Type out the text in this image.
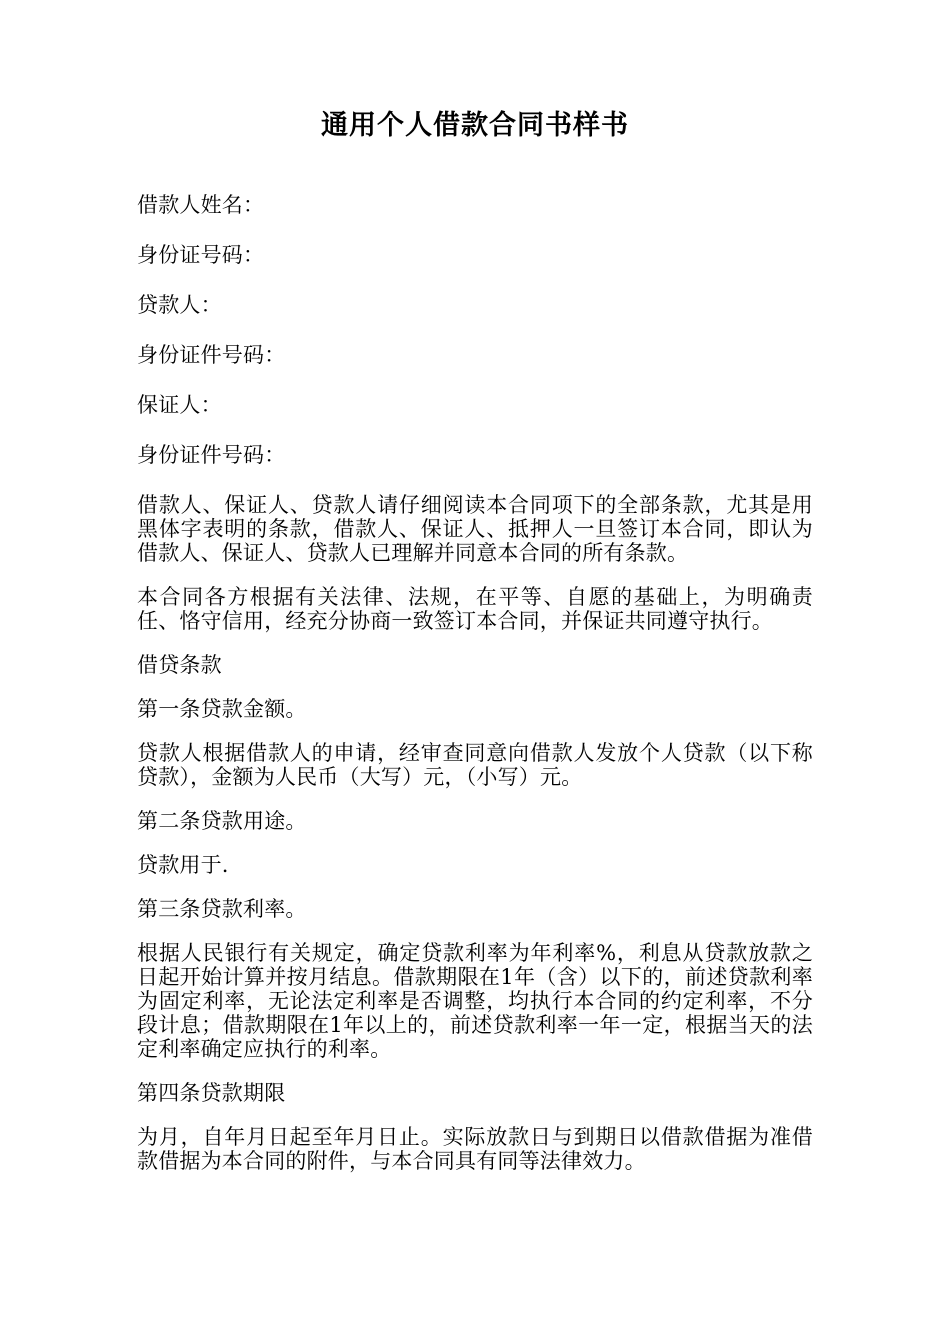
通用个人借款合同书样书

借款人姓名：

身份证号码：

贷款人：

身份证件号码：

保证人：

身份证件号码：

借款人、保证人、贷款人请仔细阅读本合同项下的全部条款，尤其是用黑体字表明的条款，借款人、保证人、抵押人一旦签订本合同，即认为借款人、保证人、贷款人已理解并同意本合同的所有条款。

本合同各方根据有关法律、法规，在平等、自愿的基础上，为明确责任、恪守信用，经充分协商一致签订本合同，并保证共同遵守执行。

借贷条款

第一条贷款金额。

贷款人根据借款人的申请，经审查同意向借款人发放个人贷款（以下称贷款），金额为人民币（大写）元，（小写）元。

第二条贷款用途。

贷款用于.

第三条贷款利率。

根据人民银行有关规定，确定贷款利率为年利率%，利息从贷款放款之日起开始计算并按月结息。借款期限在1年（含）以下的，前述贷款利率为固定利率，无论法定利率是否调整，均执行本合同的约定利率，不分段计息；借款期限在1年以上的，前述贷款利率一年一定，根据当天的法定利率确定应执行的利率。

第四条贷款期限

为月，自年月日起至年月日止。实际放款日与到期日以借款借据为准借款借据为本合同的附件，与本合同具有同等法律效力。
